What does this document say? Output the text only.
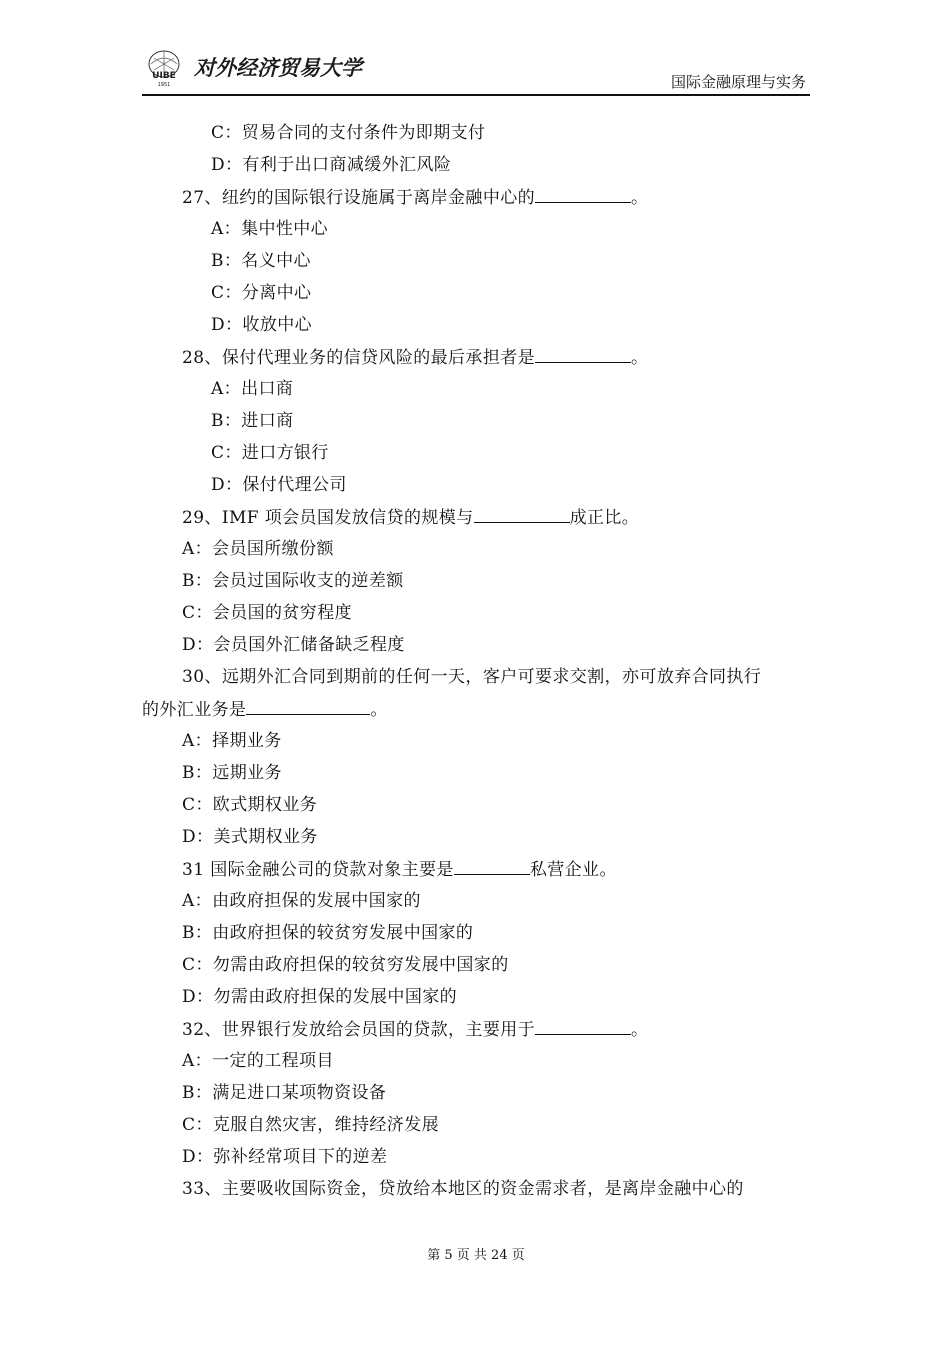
UIBE
1951
对外经济贸易大学
国际金融原理与实务
C：贸易合同的支付条件为即期支付
D：有利于出口商减缓外汇风险
27、纽约的国际银行设施属于离岸金融中心的	。
A：集中性中心
B：名义中心
C：分离中心
D：收放中心
28、保付代理业务的信贷风险的最后承担者是	。
A：出口商
B：进口商
C：进口方银行
D：保付代理公司
29、IMF 项会员国发放信贷的规模与	成正比。
A：会员国所缴份额
B：会员过国际收支的逆差额
C：会员国的贫穷程度
D：会员国外汇储备缺乏程度
30、远期外汇合同到期前的任何一天，客户可要求交割，亦可放弃合同执行
的外汇业务是	。
A：择期业务
B：远期业务
C：欧式期权业务
D：美式期权业务
31 国际金融公司的贷款对象主要是	私营企业。
A：由政府担保的发展中国家的
B：由政府担保的较贫穷发展中国家的
C：勿需由政府担保的较贫穷发展中国家的
D：勿需由政府担保的发展中国家的
32、世界银行发放给会员国的贷款，主要用于	。
A：一定的工程项目
B：满足进口某项物资设备
C：克服自然灾害，维持经济发展
D：弥补经常项目下的逆差
33、主要吸收国际资金，贷放给本地区的资金需求者，是离岸金融中心的
第 5 页 共 24 页
